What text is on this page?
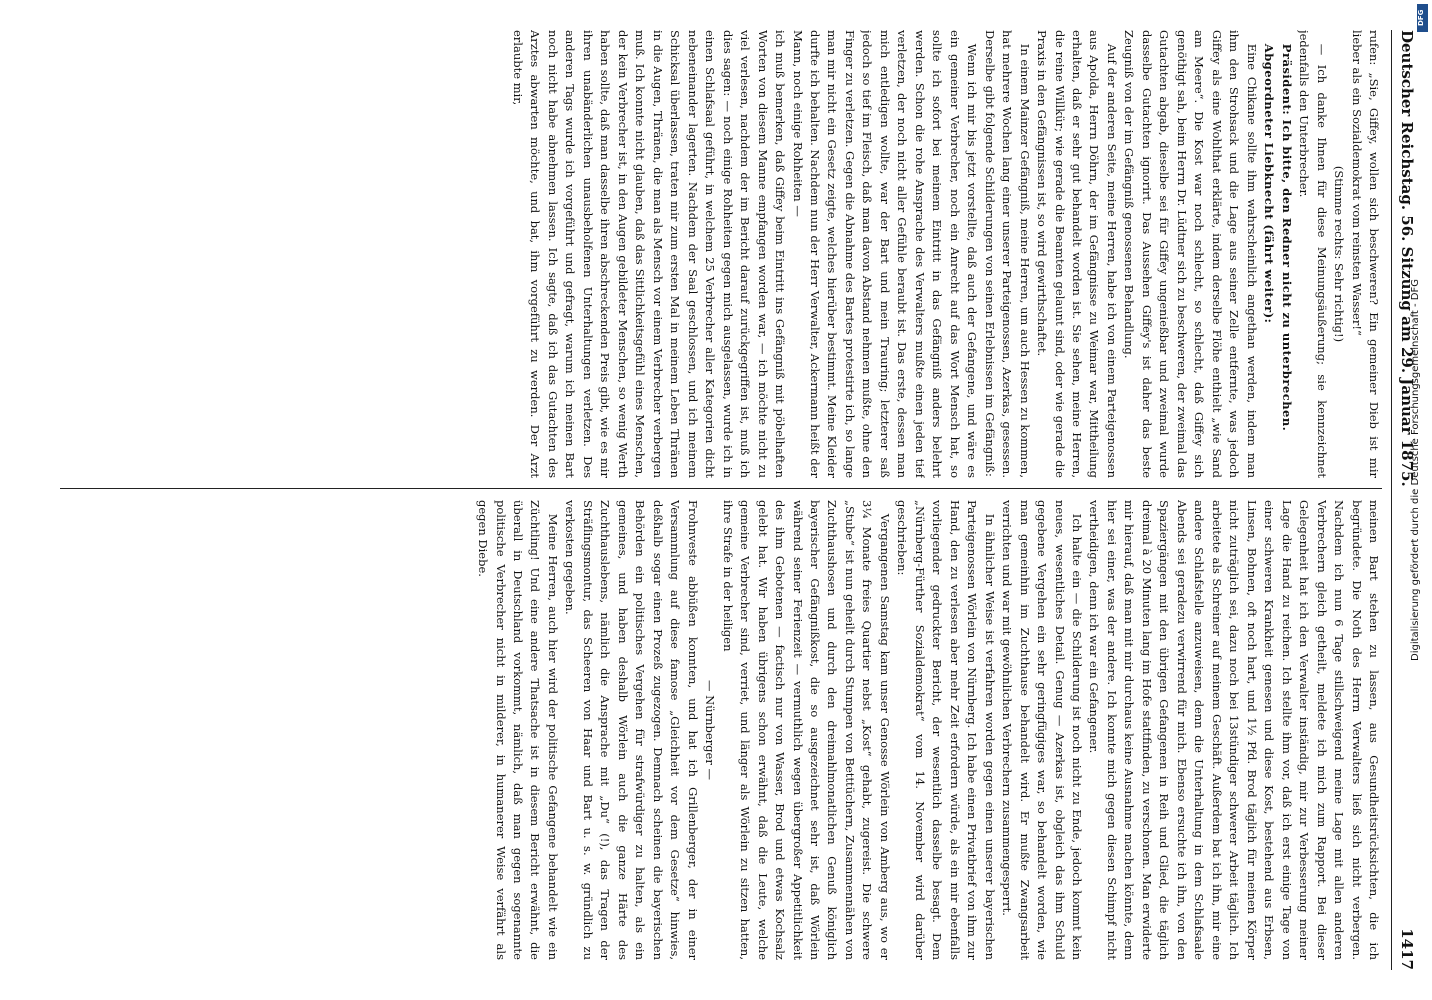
Deutscher Reichstag. 56. Sitzung am 29. Januar 1875.
1417

rufen: „Sie, Giffey, wollen sich beschweren? Ein gemeiner Dieb ist mir lieber als ein Sozialdemokrat vom reinsten Wasser!“

(Stimme rechts: Sehr richtig!)

— Ich danke Ihnen für diese Meinungsäußerung; sie kennzeichnet jedenfalls den Unterbrecher.

Präsident: Ich bitte, den Redner nicht zu unterbrechen.

Abgeordneter Liebknecht (fährt weiter):

Eine Chikane sollte ihm wahrscheinlich angethan werden, indem man ihm den Strohsack und die Lage aus seiner Zelle entfernte, was jedoch Giffey als eine Wohlthat erklärte, indem derselbe Flöhe enthielt „wie Sand am Meere“. Die Kost war noch schlecht, so schlecht, daß Giffey sich genöthigt sah, beim Herrn Dr. Lüdtner sich zu beschweren, der zweimal das Gutachten abgab, dieselbe sei für Giffey ungenießbar und zweimal wurde dasselbe Gutachten ignorirt. Das Aussehen Giffey's ist daher das beste Zeugniß von der im Gefängniß genossenen Behandlung.

Auf der anderen Seite, meine Herren, habe ich von einem Parteigenossen aus Apolda, Herrn Döhrn, der im Gefängnisse zu Weimar war, Mittheilung erhalten, daß er sehr gut behandelt worden ist. Sie sehen, meine Herren, die reine Willkür; wie gerade die Beamten gelaunt sind, oder wie gerade die Praxis in den Gefängnissen ist, so wird gewirthschaftet.

In einem Mainzer Gefängniß, meine Herren, um auch Hessen zu kommen, hat mehrere Wochen lang einer unserer Parteigenossen, Azerkas, gesessen. Derselbe gibt folgende Schilderungen von seinen Erlebnissen im Gefängniß:

Wenn ich mir bis jetzt vorstellte, daß auch der Gefangene, und wäre es ein gemeiner Verbrecher, noch ein Anrecht auf das Wort Mensch hat, so sollte ich sofort bei meinem Eintritt in das Gefängniß anders belehrt werden. Schon die rohe Ansprache des Verwalters mußte einen jeden tief verletzen, der noch nicht aller Gefühle beraubt ist. Das erste, dessen man mich entledigen wollte, war der Bart und mein Trauring; letzterer saß jedoch so tief im Fleisch, daß man davon Abstand nehmen mußte, ohne den Finger zu verletzen. Gegen die Abnahme des Bartes protestirte ich, so lange man mir nicht ein Gesetz zeigte, welches hierüber bestimmt. Meine Kleider durfte ich behalten. Nachdem nun der Herr Verwalter, Ackermann heißt der Mann, noch einige Rohheiten —

ich muß bemerken, daß Giffey beim Eintritt ins Gefängniß mit pöbelhaften Worten von diesem Manne empfangen worden war, — ich möchte nicht zu viel verlesen, nachdem der im Bericht darauf zurückgegriffen ist, muß ich dies sagen: — noch einige Rohheiten gegen mich ausgelassen, wurde ich in einen Schlafsaal geführt, in welchem 25 Verbrecher aller Kategorien dicht nebeneinander lagerten. Nachdem der Saal geschlossen, und ich meinem Schicksal überlassen, traten mir zum ersten Mal in meinem Leben Thränen in die Augen, Thränen, die man als Mensch vor einem Verbrecher verbergen muß. Ich konnte nicht glauben, daß das Sittlichkeitsgefühl eines Menschen, der kein Verbrecher ist, in den Augen gebildeter Menschen, so wenig Werth haben sollte, daß man dasselbe ihren abschreckenden Preis gibt, wie es mir ihren unabänderlichen unausbeholfenen Unterhaltungen verletzen. Des anderen Tags wurde ich vorgeführt und gefragt, warum ich meinen Bart noch nicht habe abnehmen lassen. Ich sagte, daß ich das Gutachten des Arztes abwarten möchte, und bat, ihm vorgeführt zu werden. Der Arzt erlaubte mir,

meinen Bart stehen zu lassen, aus Gesundheitsrücksichten, die ich begründete. Die Noth des Herrn Verwalters ließ sich nicht verbergen. Nachdem ich nun 6 Tage stillschweigend meine Lage mit allen anderen Verbrechern gleich getheilt, meldete ich mich zum Rapport. Bei dieser Gelegenheit hat ich den Verwalter inständig, mir zur Verbesserung meiner Lage die Hand zu reichen. Ich stellte ihm vor, daß ich erst einige Tage von einer schweren Krankheit genesen und diese Kost, bestehend aus Erbsen, Linsen, Bohnen, oft noch hart, und 1½ Pfd. Brod täglich für meinen Körper nicht zuträglich sei, dazu noch bei 13stündiger schwerer Arbeit täglich. Ich arbeitete als Schreiner auf meinem Geschäft. Außerdem bat ich ihn, mir eine andere Schlafstelle anzuweisen, denn die Unterhaltung in dem Schlafsaale Abends sei geradezu verwirrend für mich. Ebenso ersuchte ich ihn, von den Spaziergängen mit den übrigen Gefangenen in Reih und Glied, die täglich dreimal à 20 Minuten lang im Hofe stattfinden, zu verschonen. Man erwiderte mir hierauf, daß man mit mir durchaus keine Ausnahme machen könnte, denn hier sei einer, was der andere. Ich konnte mich gegen diesen Schimpf nicht vertheidigen, denn ich war ein Gefangener.

Ich halte ein — die Schilderung ist noch nicht zu Ende, jedoch kommt kein neues, wesentliches Detail. Genug — Azerkas ist, obgleich das ihm Schuld gegebene Vergehen ein sehr geringfügiges war, so behandelt worden, wie man gemeinhin im Zuchthause behandelt wird. Er mußte Zwangsarbeit verrichten und war mit gewöhnlichen Verbrechern zusammengesperrt.

In ähnlicher Weise ist verfahren worden gegen einen unserer bayerischen Parteigenossen Wörlein von Nürnberg. Ich habe einen Privatbrief von ihm zur Hand, den zu verlesen aber mehr Zeit erfordern würde, als ein mir ebenfalls vorliegender gedruckter Bericht, der wesentlich dasselbe besagt. Dem „Nürnberg-Fürther Sozialdemokrat“ vom 14. November wird darüber geschrieben:

Vergangenen Samstag kam unser Genosse Wörlein von Amberg aus, wo er 3¼ Monate freies Quartier nebst „Kost“ gehabt, zugereist. Die schwere „Stube“ ist nun geheilt durch Stumpen von Betttüchern, Zusammennähen von Zuchthaushosen und durch den dreimahlmonatlichen Genuß königlich bayerischer Gefängnißkost, die so ausgezeichnet sehr ist, daß Wörlein während seiner Ferienzeit — vermuthlich wegen übergroßer Appetitlichkeit des ihm Gebotenen — factisch nur von Wasser, Brod und etwas Kochsalz gelebt hat. Wir haben übrigens schon erwähnt, daß die Leute, welche gemeine Verbrecher sind, verriet, und länger als Wörlein zu sitzen hatten, ihre Strafe in der heiligen

— Nürnberger —

Frohnveste abbüßen konnten, und hat ich Grillenberger, der in einer Versammlung auf diese famose „Gleichheit vor dem Gesetze“ hinwies, deßhalb sogar einen Prozeß zugezogen. Demnach scheinen die bayerischen Behörden ein politisches Vergehen für strafwürdiger zu halten, als ein gemeines, und haben deshalb Wörlein auch die ganze Härte des Zuchthauslebens, nämlich die Ansprache mit „Du“ (!), das Tragen der Sträflingsmontur, das Scheeren von Haar und Bart u. s. w. gründlich zu verkosten gegeben.

Meine Herren, auch hier wird der politische Gefangene behandelt wie ein Züchtling! Und eine andere Thatsache ist in diesem Bericht erwähnt, die überall in Deutschland vorkommt, nämlich, daß man gegen sogenannte politische Verbrecher nicht in milderer, in humanerer Weise verfährt als gegen Diebe.

DFG
Digitalisierung gefördert durch die Deutsche Forschungsgemeinschaft - DFG
